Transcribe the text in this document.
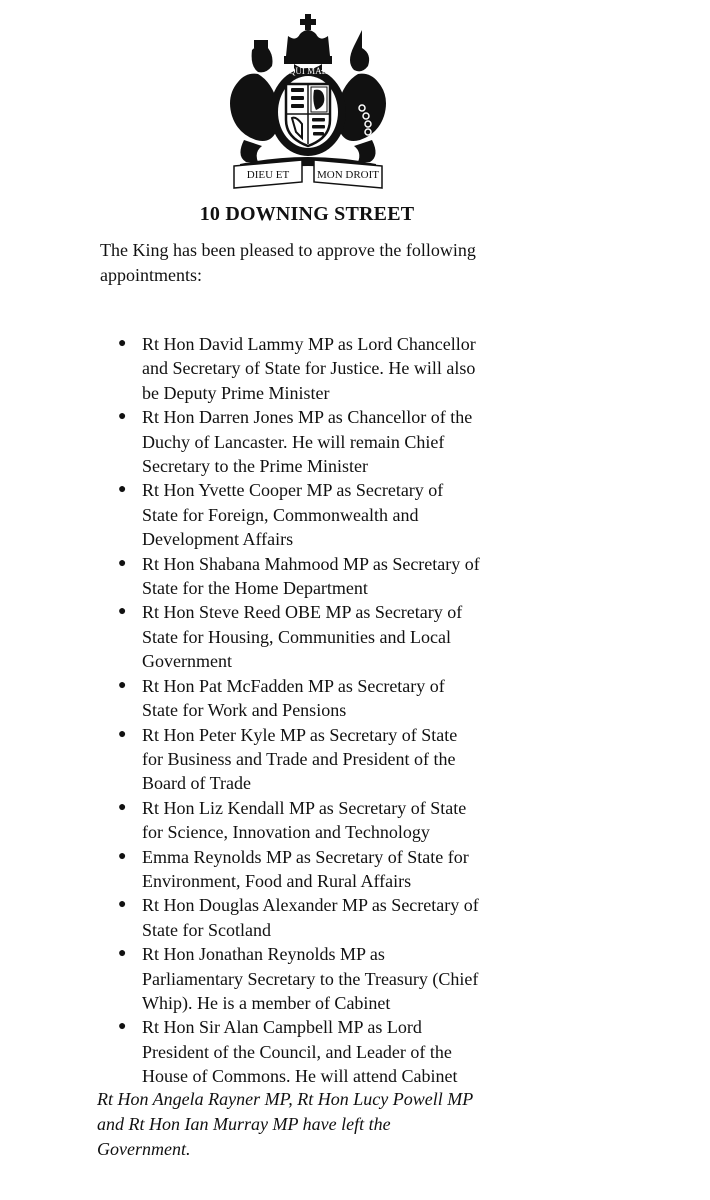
QUI MAL
DIEU ET	MON DROIT
10 DOWNING STREET
The King has been pleased to approve the following
appointments:
● Rt Hon David Lammy MP as Lord Chancellor
and Secretary of State for Justice. He will also
be Deputy Prime Minister
● Rt Hon Darren Jones MP as Chancellor of the
Duchy of Lancaster. He will remain Chief
Secretary to the Prime Minister
● Rt Hon Yvette Cooper MP as Secretary of
State for Foreign, Commonwealth and
Development Affairs
● Rt Hon Shabana Mahmood MP as Secretary of
State for the Home Department
● Rt Hon Steve Reed OBE MP as Secretary of
State for Housing, Communities and Local
Government
● Rt Hon Pat McFadden MP as Secretary of
State for Work and Pensions
● Rt Hon Peter Kyle MP as Secretary of State
for Business and Trade and President of the
Board of Trade
● Rt Hon Liz Kendall MP as Secretary of State
for Science, Innovation and Technology
● Emma Reynolds MP as Secretary of State for
Environment, Food and Rural Affairs
● Rt Hon Douglas Alexander MP as Secretary of
State for Scotland
● Rt Hon Jonathan Reynolds MP as
Parliamentary Secretary to the Treasury (Chief
Whip). He is a member of Cabinet
● Rt Hon Sir Alan Campbell MP as Lord
President of the Council, and Leader of the
House of Commons. He will attend Cabinet
Rt Hon Angela Rayner MP, Rt Hon Lucy Powell MP
and Rt Hon Ian Murray MP have left the
Government.
